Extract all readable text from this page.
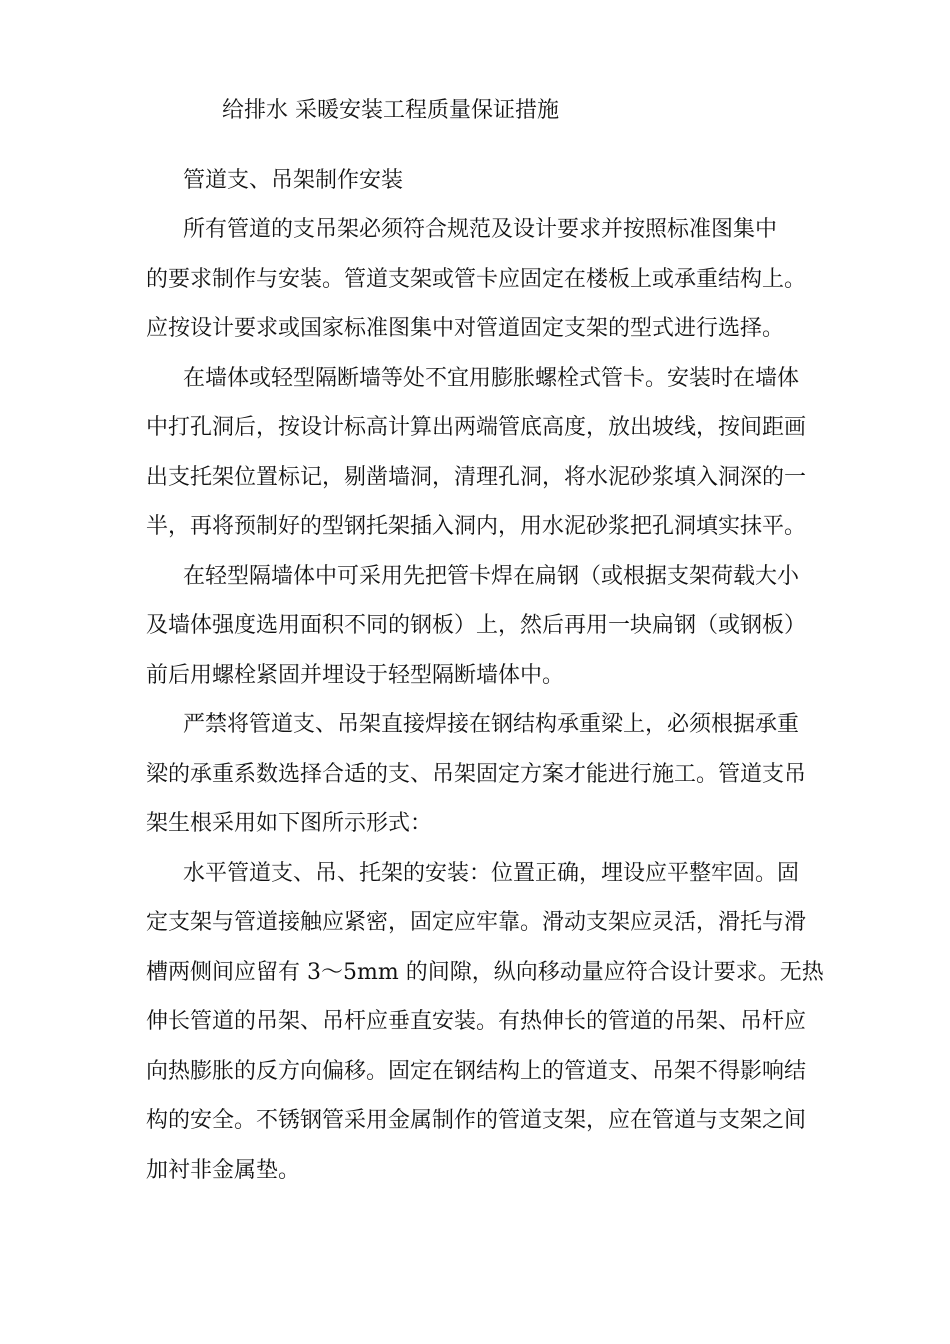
给排水 采暖安装工程质量保证措施
管道支、吊架制作安装
所有管道的支吊架必须符合规范及设计要求并按照标准图集中
的要求制作与安装。管道支架或管卡应固定在楼板上或承重结构上。
应按设计要求或国家标准图集中对管道固定支架的型式进行选择。
在墙体或轻型隔断墙等处不宜用膨胀螺栓式管卡。安装时在墙体
中打孔洞后，按设计标高计算出两端管底高度，放出坡线，按间距画
出支托架位置标记，剔凿墙洞，清理孔洞，将水泥砂浆填入洞深的一
半，再将预制好的型钢托架插入洞内，用水泥砂浆把孔洞填实抹平。
在轻型隔墙体中可采用先把管卡焊在扁钢（或根据支架荷载大小
及墙体强度选用面积不同的钢板）上，然后再用一块扁钢（或钢板）
前后用螺栓紧固并埋设于轻型隔断墙体中。
严禁将管道支、吊架直接焊接在钢结构承重梁上，必须根据承重
梁的承重系数选择合适的支、吊架固定方案才能进行施工。管道支吊
架生根采用如下图所示形式：
水平管道支、吊、托架的安装：位置正确，埋设应平整牢固。固
定支架与管道接触应紧密，固定应牢靠。滑动支架应灵活，滑托与滑
槽两侧间应留有 3～5mm 的间隙，纵向移动量应符合设计要求。无热
伸长管道的吊架、吊杆应垂直安装。有热伸长的管道的吊架、吊杆应
向热膨胀的反方向偏移。固定在钢结构上的管道支、吊架不得影响结
构的安全。不锈钢管采用金属制作的管道支架，应在管道与支架之间
加衬非金属垫。
